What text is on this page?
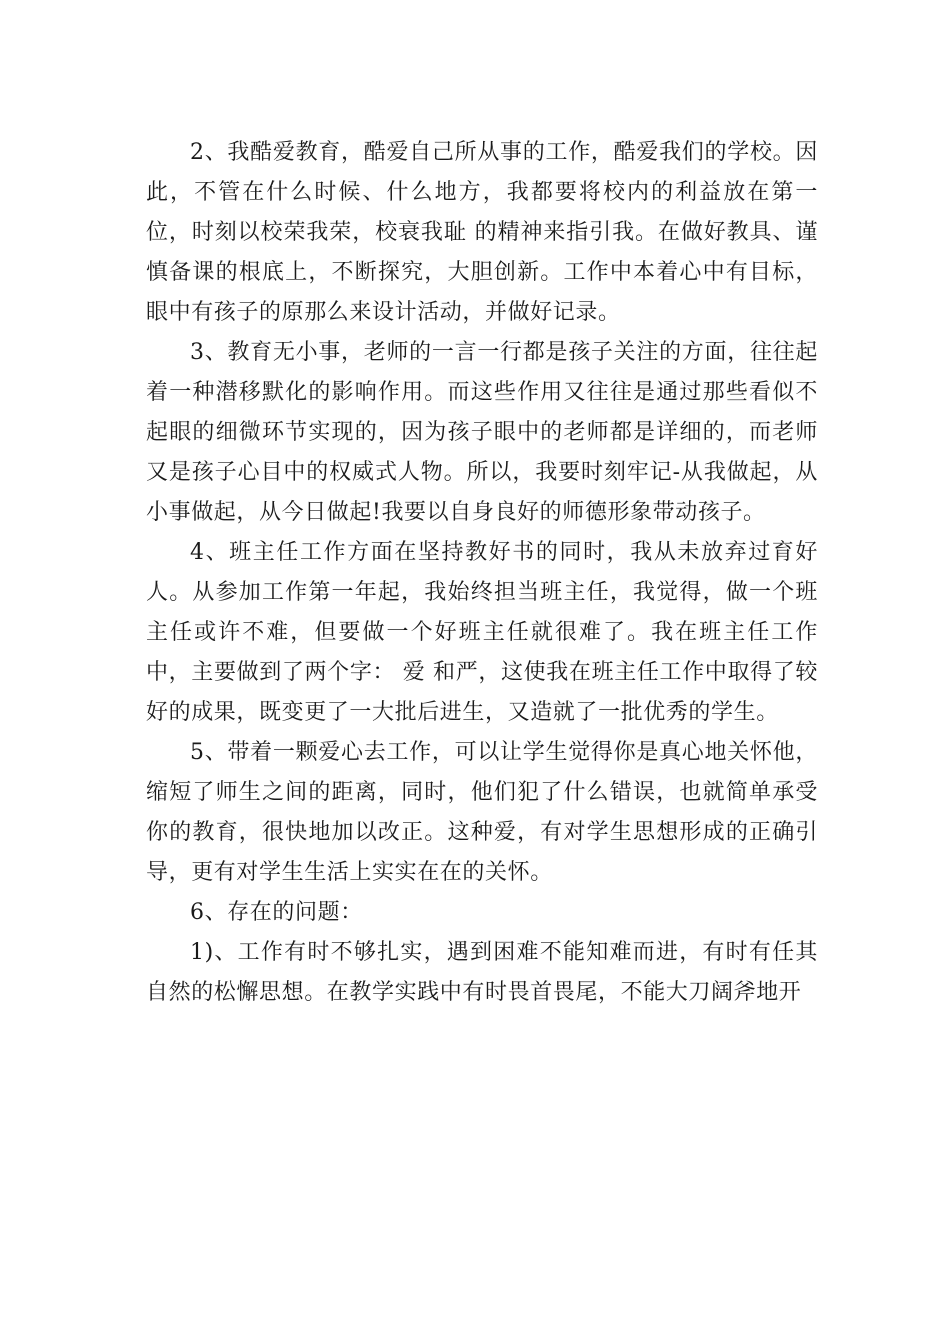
2、我酷爱教育，酷爱自己所从事的工作，酷爱我们的学校。因此，不管在什么时候、什么地方，我都要将校内的利益放在第一位，时刻以校荣我荣，校衰我耻 的精神来指引我。在做好教具、谨慎备课的根底上，不断探究，大胆创新。工作中本着心中有目标，眼中有孩子的原那么来设计活动，并做好记录。

3、教育无小事，老师的一言一行都是孩子关注的方面，往往起着一种潜移默化的影响作用。而这些作用又往往是通过那些看似不起眼的细微环节实现的，因为孩子眼中的老师都是详细的，而老师又是孩子心目中的权威式人物。所以，我要时刻牢记-从我做起，从小事做起，从今日做起!我要以自身良好的师德形象带动孩子。

4、班主任工作方面在坚持教好书的同时，我从未放弃过育好人。从参加工作第一年起，我始终担当班主任，我觉得，做一个班主任或许不难，但要做一个好班主任就很难了。我在班主任工作中，主要做到了两个字： 爱 和严，这使我在班主任工作中取得了较好的成果，既变更了一大批后进生，又造就了一批优秀的学生。

5、带着一颗爱心去工作，可以让学生觉得你是真心地关怀他，缩短了师生之间的距离，同时，他们犯了什么错误，也就简单承受你的教育，很快地加以改正。这种爱，有对学生思想形成的正确引导，更有对学生生活上实实在在的关怀。

6、存在的问题：

1)、工作有时不够扎实，遇到困难不能知难而进，有时有任其自然的松懈思想。在教学实践中有时畏首畏尾，不能大刀阔斧地开
